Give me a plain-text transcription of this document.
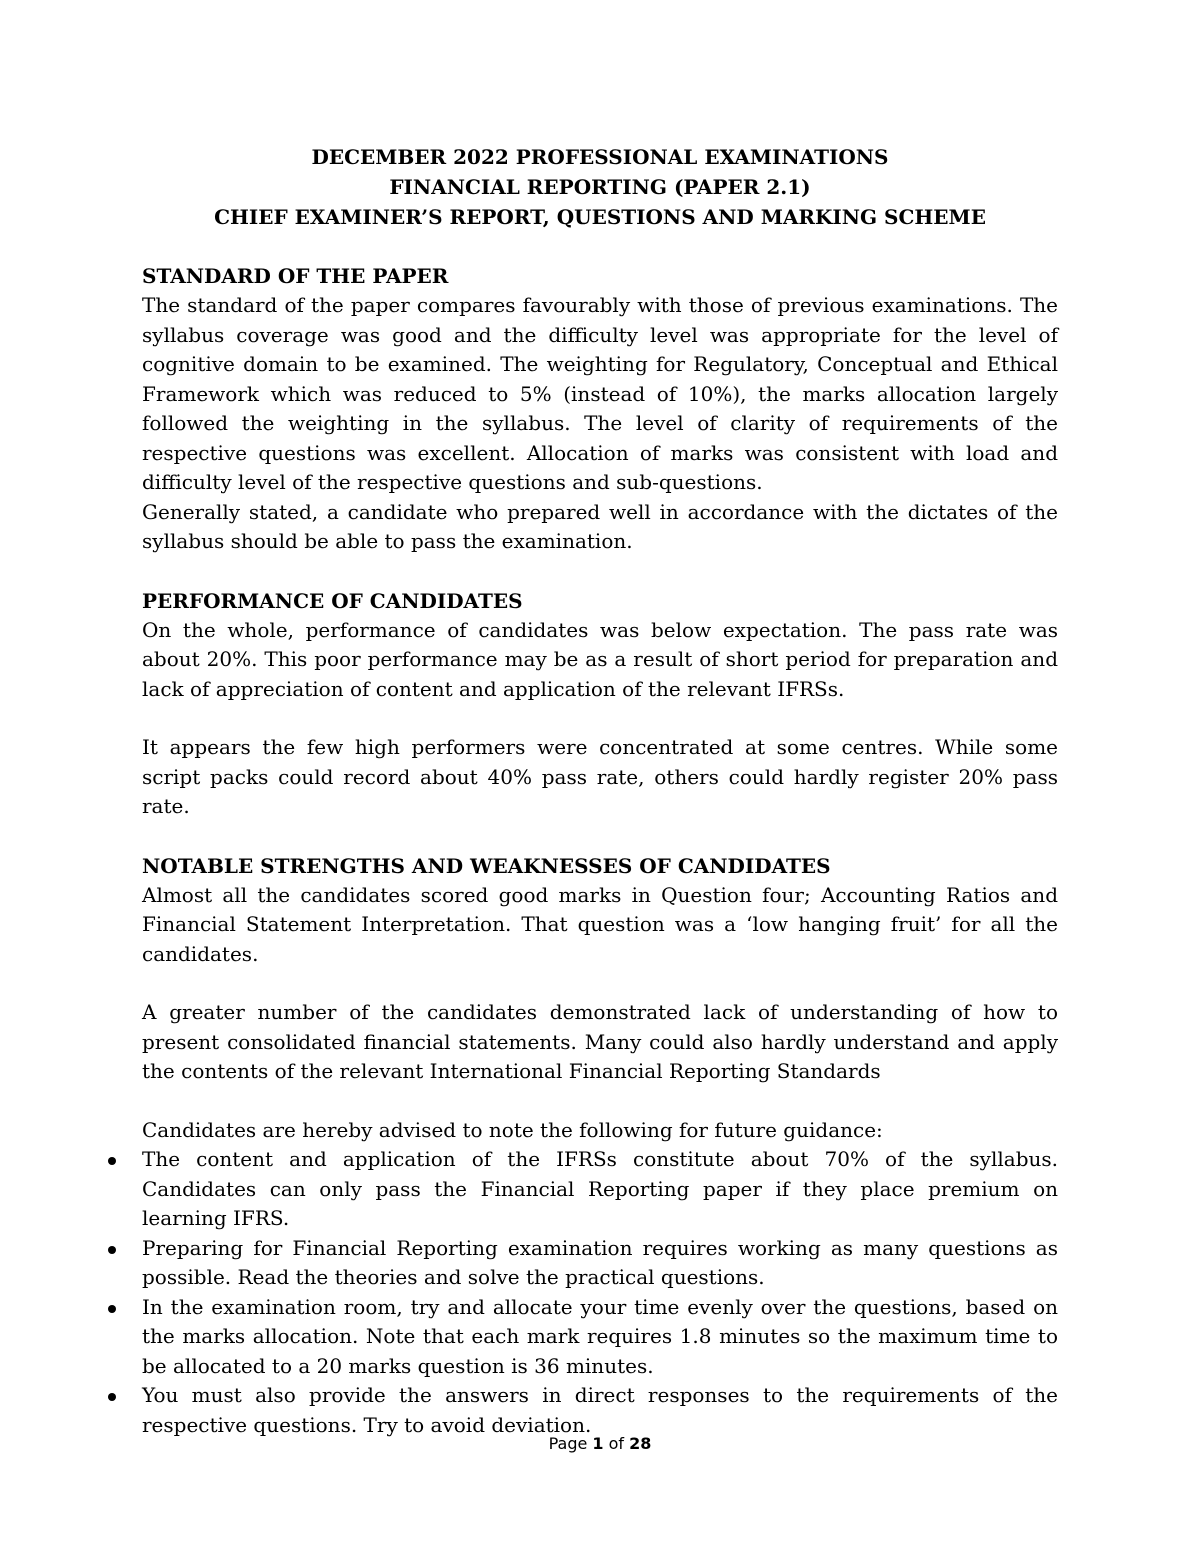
DECEMBER 2022 PROFESSIONAL EXAMINATIONS
FINANCIAL REPORTING (PAPER 2.1)
CHIEF EXAMINER’S REPORT, QUESTIONS AND MARKING SCHEME
STANDARD OF THE PAPER

The standard of the paper compares favourably with those of previous examinations. The syllabus coverage was good and the difficulty level was appropriate for the level of cognitive domain to be examined. The weighting for Regulatory, Conceptual and Ethical Framework which was reduced to 5% (instead of 10%), the marks allocation largely followed the weighting in the syllabus. The level of clarity of requirements of the respective questions was excellent. Allocation of marks was consistent with load and difficulty level of the respective questions and sub-questions.

Generally stated, a candidate who prepared well in accordance with the dictates of the syllabus should be able to pass the examination.

PERFORMANCE OF CANDIDATES

On the whole, performance of candidates was below expectation. The pass rate was about 20%. This poor performance may be as a result of short period for preparation and lack of appreciation of content and application of the relevant IFRSs.

It appears the few high performers were concentrated at some centres. While some script packs could record about 40% pass rate, others could hardly register 20% pass rate.

NOTABLE STRENGTHS AND WEAKNESSES OF CANDIDATES

Almost all the candidates scored good marks in Question four; Accounting Ratios and Financial Statement Interpretation. That question was a ‘low hanging fruit’ for all the candidates.

A greater number of the candidates demonstrated lack of understanding of how to present consolidated financial statements. Many could also hardly understand and apply the contents of the relevant International Financial Reporting Standards

Candidates are hereby advised to note the following for future guidance:

The content and application of the IFRSs constitute about 70% of the syllabus. Candidates can only pass the Financial Reporting paper if they place premium on learning IFRS.
Preparing for Financial Reporting examination requires working as many questions as possible. Read the theories and solve the practical questions.
In the examination room, try and allocate your time evenly over the questions, based on the marks allocation. Note that each mark requires 1.8 minutes so the maximum time to be allocated to a 20 marks question is 36 minutes.
You must also provide the answers in direct responses to the requirements of the respective questions. Try to avoid deviation.
Page 1 of 28
